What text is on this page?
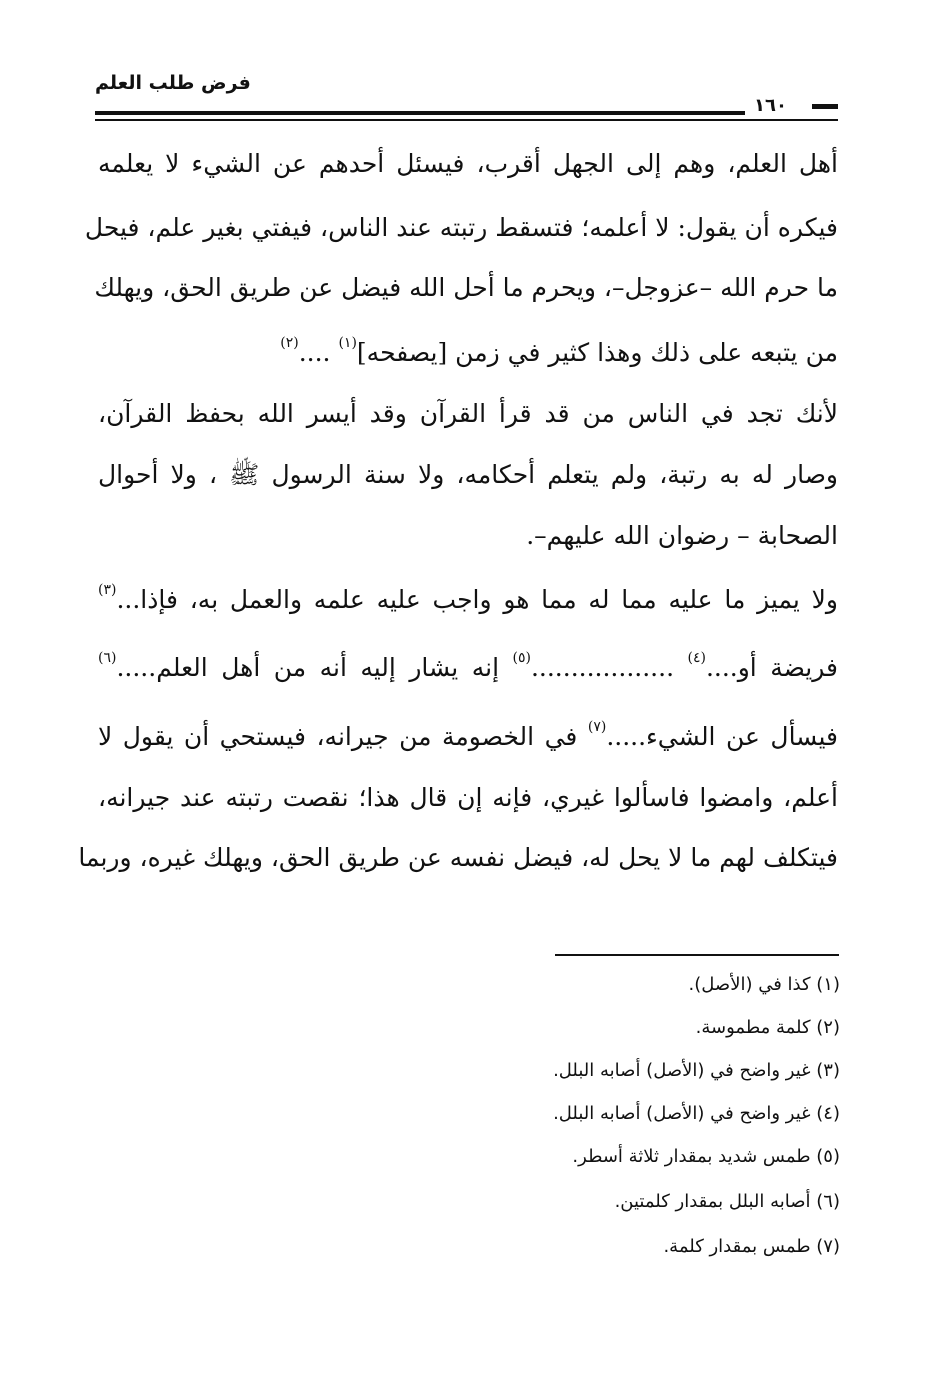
فرض طلب العلم
١٦٠
أهل العلم، وهم إلى الجهل أقرب، فيسئل أحدهم عن الشيء لا يعلمه
فيكره أن يقول: لا أعلمه؛ فتسقط رتبته عند الناس، فيفتي بغير علم، فيحل
ما حرم الله –عزوجل–، ويحرم ما أحل الله فيضل عن طريق الحق، ويهلك
من يتبعه على ذلك وهذا كثير في زمن [يصفحه]$^{(١)}$ ....$^{(٢)}$
لأنك تجد في الناس من قد قرأ القرآن وقد أيسر الله بحفظ القرآن،
وصار له به رتبة، ولم يتعلم أحكامه، ولا سنة الرسول ﷺ ، ولا أحوال
الصحابة – رضوان الله عليهم–.
ولا يميز ما عليه مما له مما هو واجب عليه علمه والعمل به، فإذا...$^{(٣)}$
فريضة أو....$^{(٤)}$ ..................$^{(٥)}$ إنه يشار إليه أنه من أهل العلم.....$^{(٦)}$
فيسأل عن الشيء.....$^{(٧)}$ في الخصومة من جيرانه، فيستحي أن يقول لا
أعلم، وامضوا فاسألوا غيري، فإنه إن قال هذا؛ نقصت رتبته عند جيرانه،
فيتكلف لهم ما لا يحل له، فيضل نفسه عن طريق الحق، ويهلك غيره، وربما
(١) كذا في (الأصل).
(٢) كلمة مطموسة.
(٣) غير واضح في (الأصل) أصابه البلل.
(٤) غير واضح في (الأصل) أصابه البلل.
(٥) طمس شديد بمقدار ثلاثة أسطر.
(٦) أصابه البلل بمقدار كلمتين.
(٧) طمس بمقدار كلمة.
